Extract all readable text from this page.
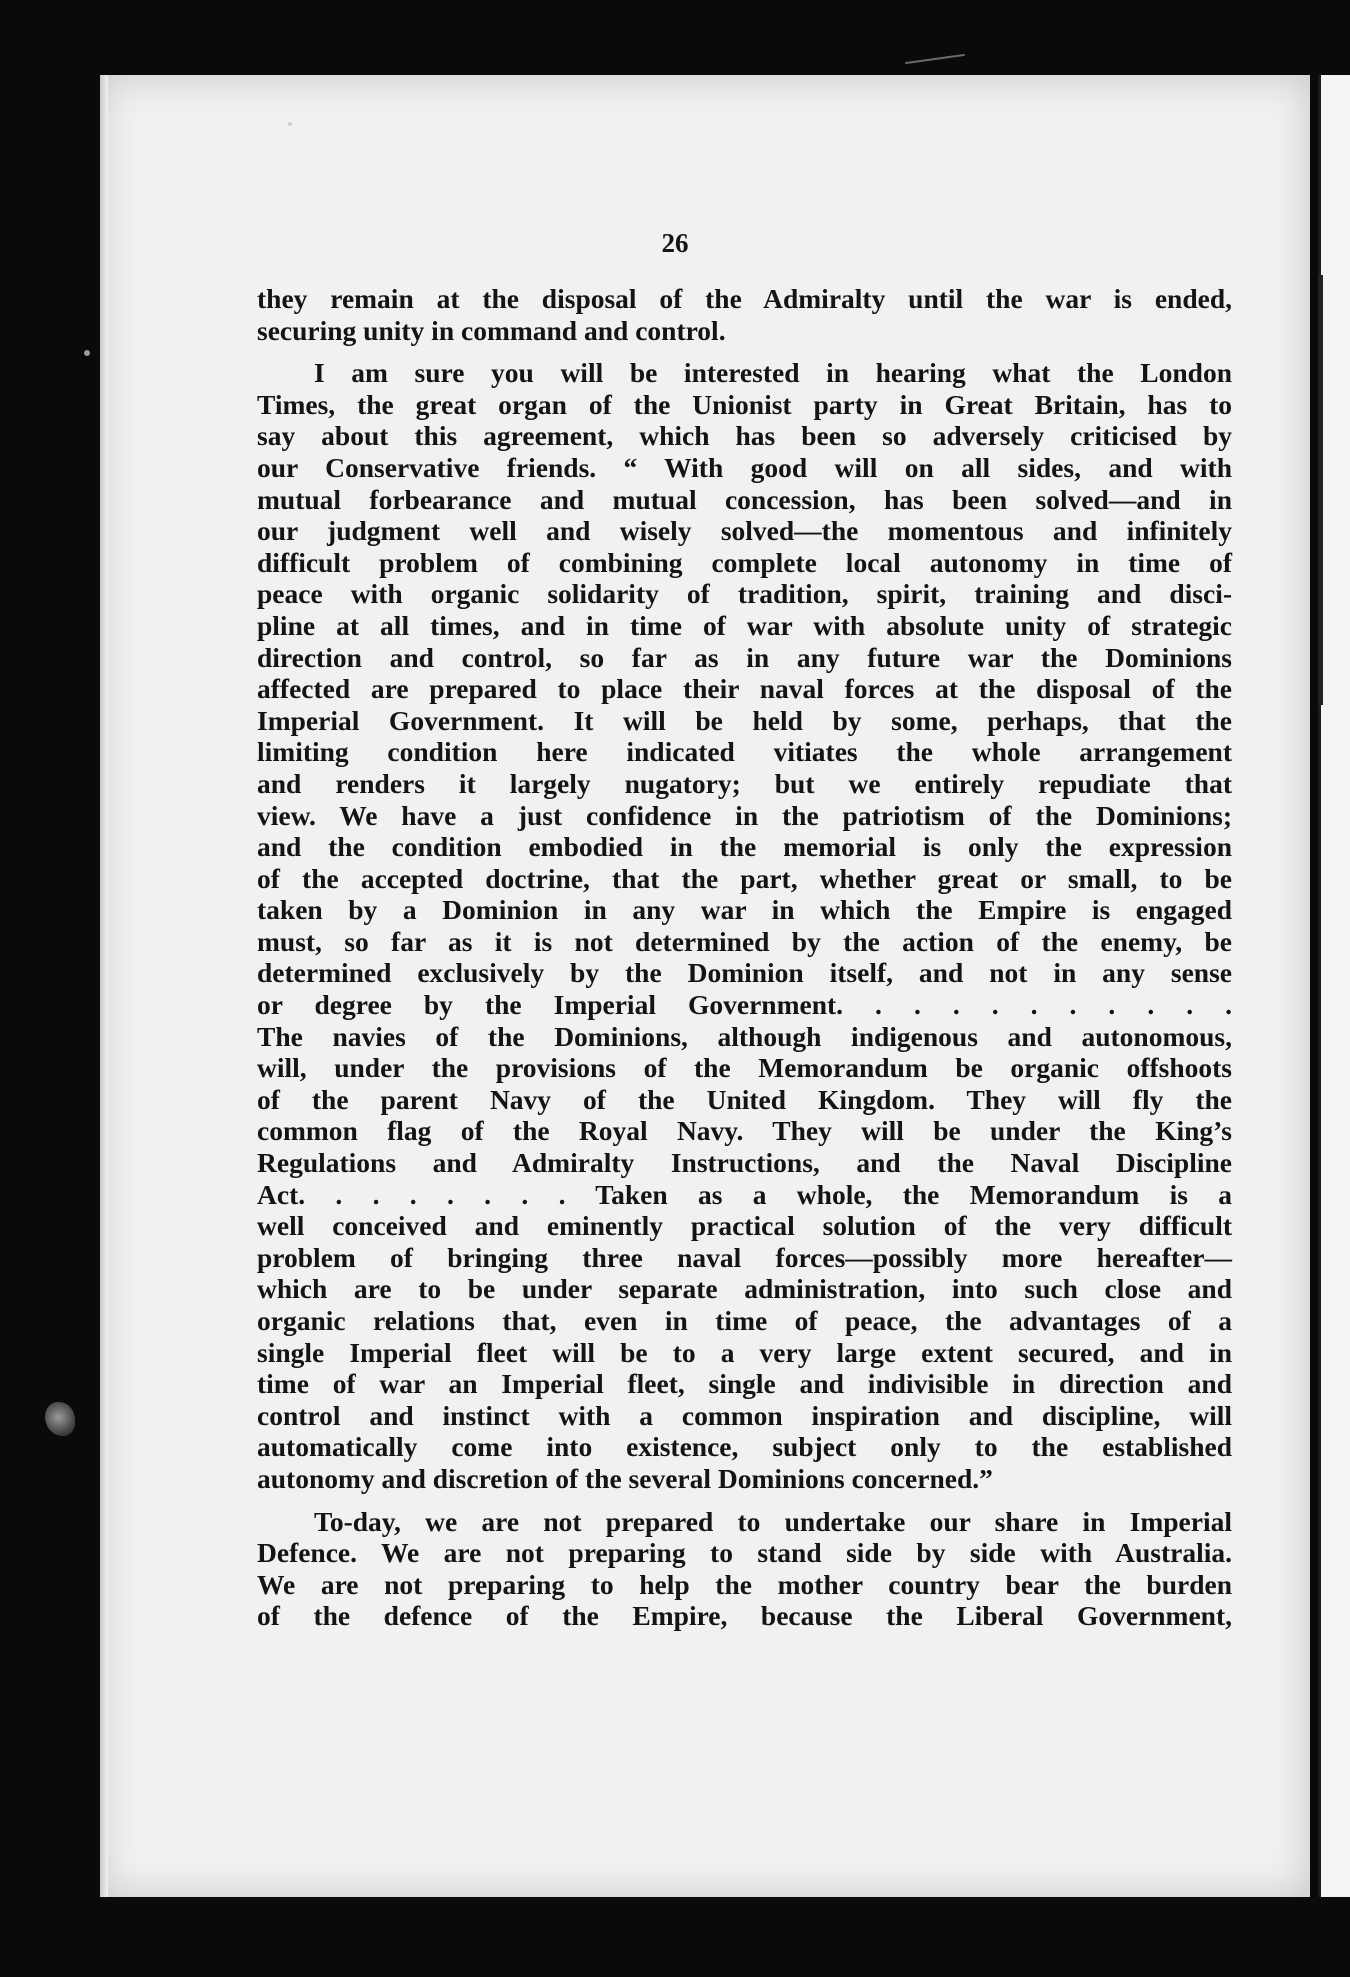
26
they remain at the disposal of the Admiralty until the war is ended,
securing unity in command and control.
I am sure you will be interested in hearing what the London
Times, the great organ of the Unionist party in Great Britain, has to
say about this agreement, which has been so adversely criticised by
our Conservative friends. “ With good will on all sides, and with
mutual forbearance and mutual concession, has been solved—and in
our judgment well and wisely solved—the momentous and infinitely
difficult problem of combining complete local autonomy in time of
peace with organic solidarity of tradition, spirit, training and disci-
pline at all times, and in time of war with absolute unity of strategic
direction and control, so far as in any future war the Dominions
affected are prepared to place their naval forces at the disposal of the
Imperial Government. It will be held by some, perhaps, that the
limiting condition here indicated vitiates the whole arrangement
and renders it largely nugatory; but we entirely repudiate that
view. We have a just confidence in the patriotism of the Dominions;
and the condition embodied in the memorial is only the expression
of the accepted doctrine, that the part, whether great or small, to be
taken by a Dominion in any war in which the Empire is engaged
must, so far as it is not determined by the action of the enemy, be
determined exclusively by the Dominion itself, and not in any sense
or degree by the Imperial Government. . . . . . . . . . .
The navies of the Dominions, although indigenous and autonomous,
will, under the provisions of the Memorandum be organic offshoots
of the parent Navy of the United Kingdom. They will fly the
common flag of the Royal Navy. They will be under the King’s
Regulations and Admiralty Instructions, and the Naval Discipline
Act. . . . . . . . Taken as a whole, the Memorandum is a
well conceived and eminently practical solution of the very difficult
problem of bringing three naval forces—possibly more hereafter—
which are to be under separate administration, into such close and
organic relations that, even in time of peace, the advantages of a
single Imperial fleet will be to a very large extent secured, and in
time of war an Imperial fleet, single and indivisible in direction and
control and instinct with a common inspiration and discipline, will
automatically come into existence, subject only to the established
autonomy and discretion of the several Dominions concerned.”
To-day, we are not prepared to undertake our share in Imperial
Defence. We are not preparing to stand side by side with Australia.
We are not preparing to help the mother country bear the burden
of the defence of the Empire, because the Liberal Government,
